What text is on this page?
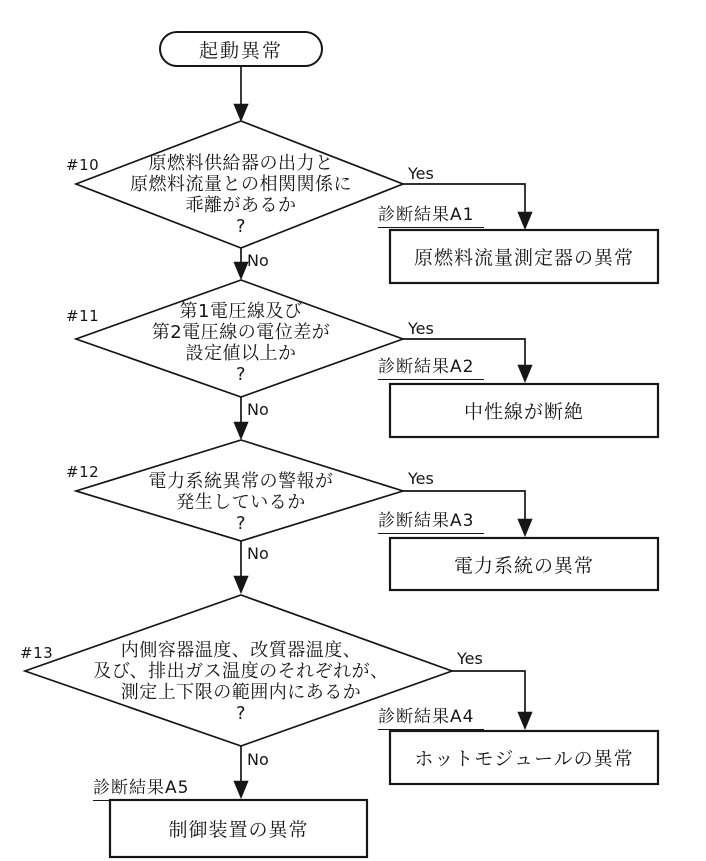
起動異常
#10	原燃料供給器の出力と
原燃料流量との相関関係に
乖離があるか
?
Yes
No
診断結果A1
原燃料流量測定器の異常
#11	第1電圧線及び
第2電圧線の電位差が
設定値以上か
?
Yes
No
診断結果A2
中性線が断絶
#12	電力系統異常の警報が
発生しているか
?
Yes
No
診断結果A3
電力系統の異常
#13	内側容器温度、改質器温度、
及び、排出ガス温度のそれぞれが、
測定上下限の範囲内にあるか
?
Yes
No
診断結果A4
ホットモジュールの異常
診断結果A5
制御装置の異常
